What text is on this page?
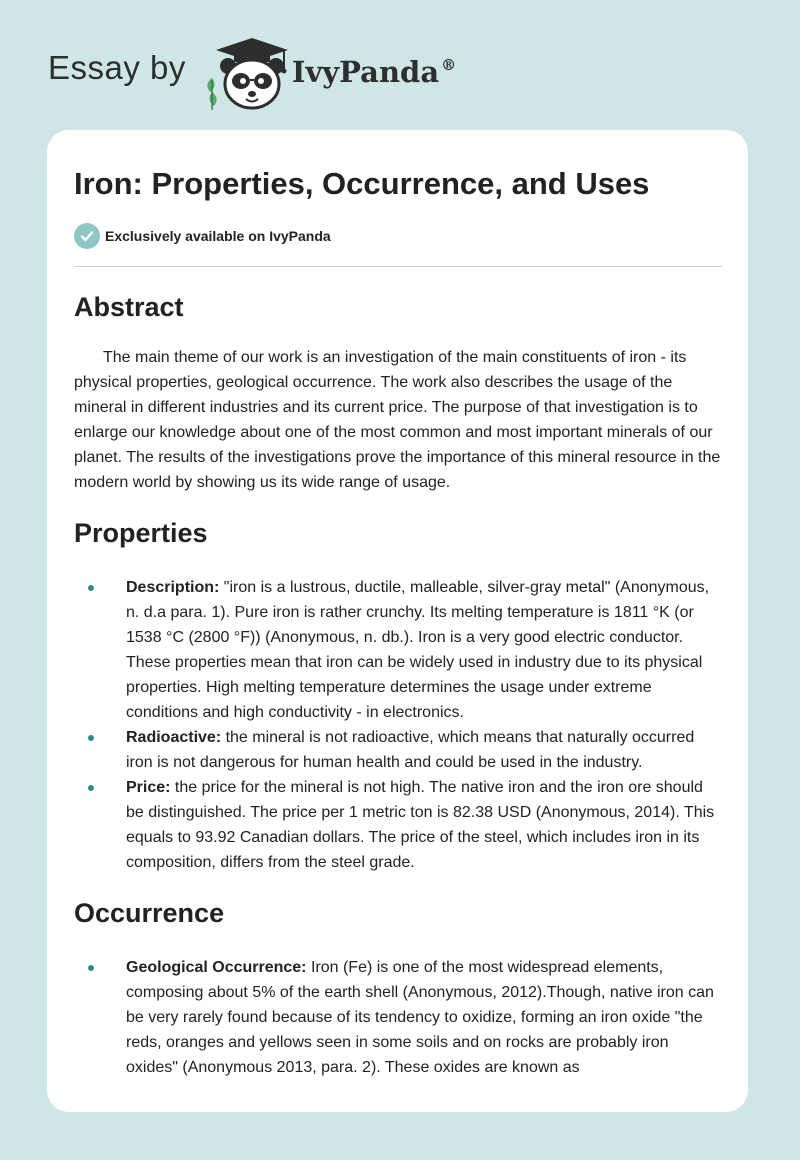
Essay by	IvyPanda ®
Iron: Properties, Occurrence, and Uses
Exclusively available on IvyPanda
Abstract

The main theme of our work is an investigation of the main constituents of iron - its physical properties, geological occurrence. The work also describes the usage of the mineral in different industries and its current price. The purpose of that investigation is to enlarge our knowledge about one of the most common and most important minerals of our planet. The results of the investigations prove the importance of this mineral resource in the modern world by showing us its wide range of usage.

Properties
Description: "iron is a lustrous, ductile, malleable, silver-gray metal" (Anonymous, n. d.a para. 1). Pure iron is rather crunchy. Its melting temperature is 1811 °K (or 1538 °C (2800 °F)) (Anonymous, n. db.). Iron is a very good electric conductor. These properties mean that iron can be widely used in industry due to its physical properties. High melting temperature determines the usage under extreme conditions and high conductivity - in electronics.
Radioactive: the mineral is not radioactive, which means that naturally occurred iron is not dangerous for human health and could be used in the industry.
Price: the price for the mineral is not high. The native iron and the iron ore should be distinguished. The price per 1 metric ton is 82.38 USD (Anonymous, 2014). This equals to 93.92 Canadian dollars. The price of the steel, which includes iron in its composition, differs from the steel grade.
Occurrence
Geological Occurrence: Iron (Fe) is one of the most widespread elements, composing about 5% of the earth shell (Anonymous, 2012).Though, native iron can be very rarely found because of its tendency to oxidize, forming an iron oxide "the reds, oranges and yellows seen in some soils and on rocks are probably iron oxides" (Anonymous 2013, para. 2). These oxides are known as
